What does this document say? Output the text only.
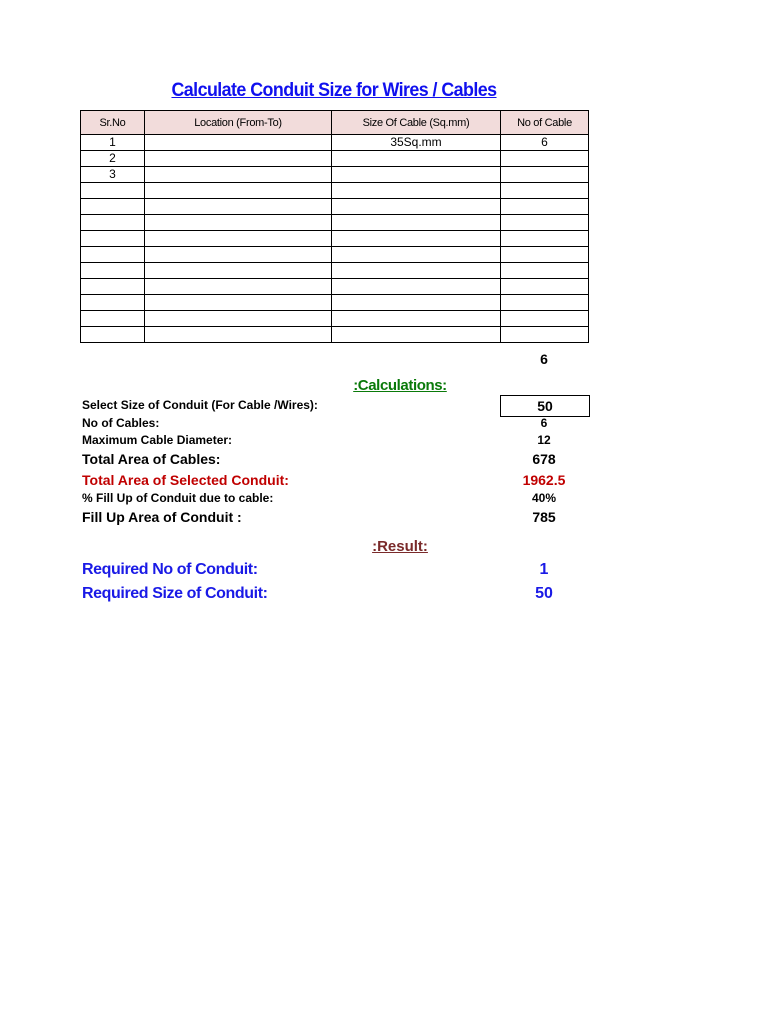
Calculate Conduit Size for Wires / Cables
Sr.No	Location (From-To)	Size Of Cable (Sq.mm)	No of Cable
1		35Sq.mm	6
2			
3			

6
:Calculations:
Select Size of Conduit (For Cable /Wires):	50
No of Cables:	6
Maximum Cable Diameter:	12
Total Area of Cables:	678
Total Area of Selected Conduit:	1962.5
% Fill Up of Conduit due to cable:	40%
Fill Up Area of Conduit :	785
:Result:
Required No of Conduit:	1
Required Size of Conduit:	50
